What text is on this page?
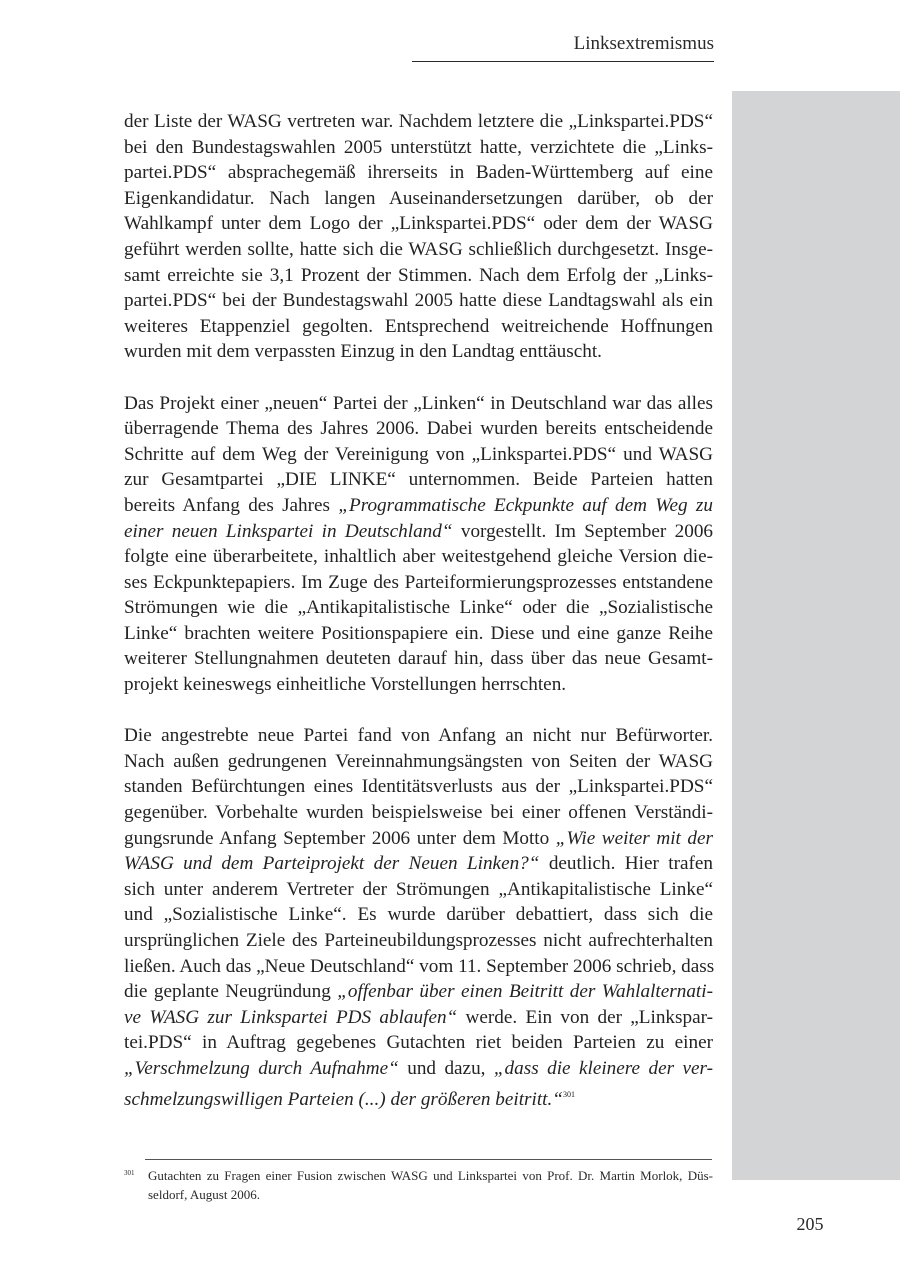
Linksextremismus
der Liste der WASG vertreten war. Nachdem letztere die „Linkspartei.PDS“
bei den Bundestagswahlen 2005 unterstützt hatte, verzichtete die „Links-
partei.PDS“ absprachegemäß ihrerseits in Baden-Württemberg auf eine
Eigenkandidatur. Nach langen Auseinandersetzungen darüber, ob der
Wahlkampf unter dem Logo der „Linkspartei.PDS“ oder dem der WASG
geführt werden sollte, hatte sich die WASG schließlich durchgesetzt. Insge-
samt erreichte sie 3,1 Prozent der Stimmen. Nach dem Erfolg der „Links-
partei.PDS“ bei der Bundestagswahl 2005 hatte diese Landtagswahl als ein
weiteres Etappenziel gegolten. Entsprechend weitreichende Hoffnungen
wurden mit dem verpassten Einzug in den Landtag enttäuscht.
Das Projekt einer „neuen“ Partei der „Linken“ in Deutschland war das alles
überragende Thema des Jahres 2006. Dabei wurden bereits entscheidende
Schritte auf dem Weg der Vereinigung von „Linkspartei.PDS“ und WASG
zur Gesamtpartei „DIE LINKE“ unternommen. Beide Parteien hatten
bereits Anfang des Jahres „Programmatische Eckpunkte auf dem Weg zu
einer neuen Linkspartei in Deutschland“ vorgestellt. Im September 2006
folgte eine überarbeitete, inhaltlich aber weitestgehend gleiche Version die-
ses Eckpunktepapiers. Im Zuge des Parteiformierungsprozesses entstandene
Strömungen wie die „Antikapitalistische Linke“ oder die „Sozialistische
Linke“ brachten weitere Positionspapiere ein. Diese und eine ganze Reihe
weiterer Stellungnahmen deuteten darauf hin, dass über das neue Gesamt-
projekt keineswegs einheitliche Vorstellungen herrschten.
Die angestrebte neue Partei fand von Anfang an nicht nur Befürworter.
Nach außen gedrungenen Vereinnahmungsängsten von Seiten der WASG
standen Befürchtungen eines Identitätsverlusts aus der „Linkspartei.PDS“
gegenüber. Vorbehalte wurden beispielsweise bei einer offenen Verständi-
gungsrunde Anfang September 2006 unter dem Motto „Wie weiter mit der
WASG und dem Parteiprojekt der Neuen Linken?“ deutlich. Hier trafen
sich unter anderem Vertreter der Strömungen „Antikapitalistische Linke“
und „Sozialistische Linke“. Es wurde darüber debattiert, dass sich die
ursprünglichen Ziele des Parteineubildungsprozesses nicht aufrechterhalten
ließen. Auch das „Neue Deutschland“ vom 11. September 2006 schrieb, dass
die geplante Neugründung „offenbar über einen Beitritt der Wahlalternati-
ve WASG zur Linkspartei PDS ablaufen“ werde. Ein von der „Linkspar-
tei.PDS“ in Auftrag gegebenes Gutachten riet beiden Parteien zu einer
„Verschmelzung durch Aufnahme“ und dazu, „dass die kleinere der ver-
schmelzungswilligen Parteien (...) der größeren beitritt.“$^{301}$
301 Gutachten zu Fragen einer Fusion zwischen WASG und Linkspartei von Prof. Dr. Martin Morlok, Düs-
seldorf, August 2006.
205
